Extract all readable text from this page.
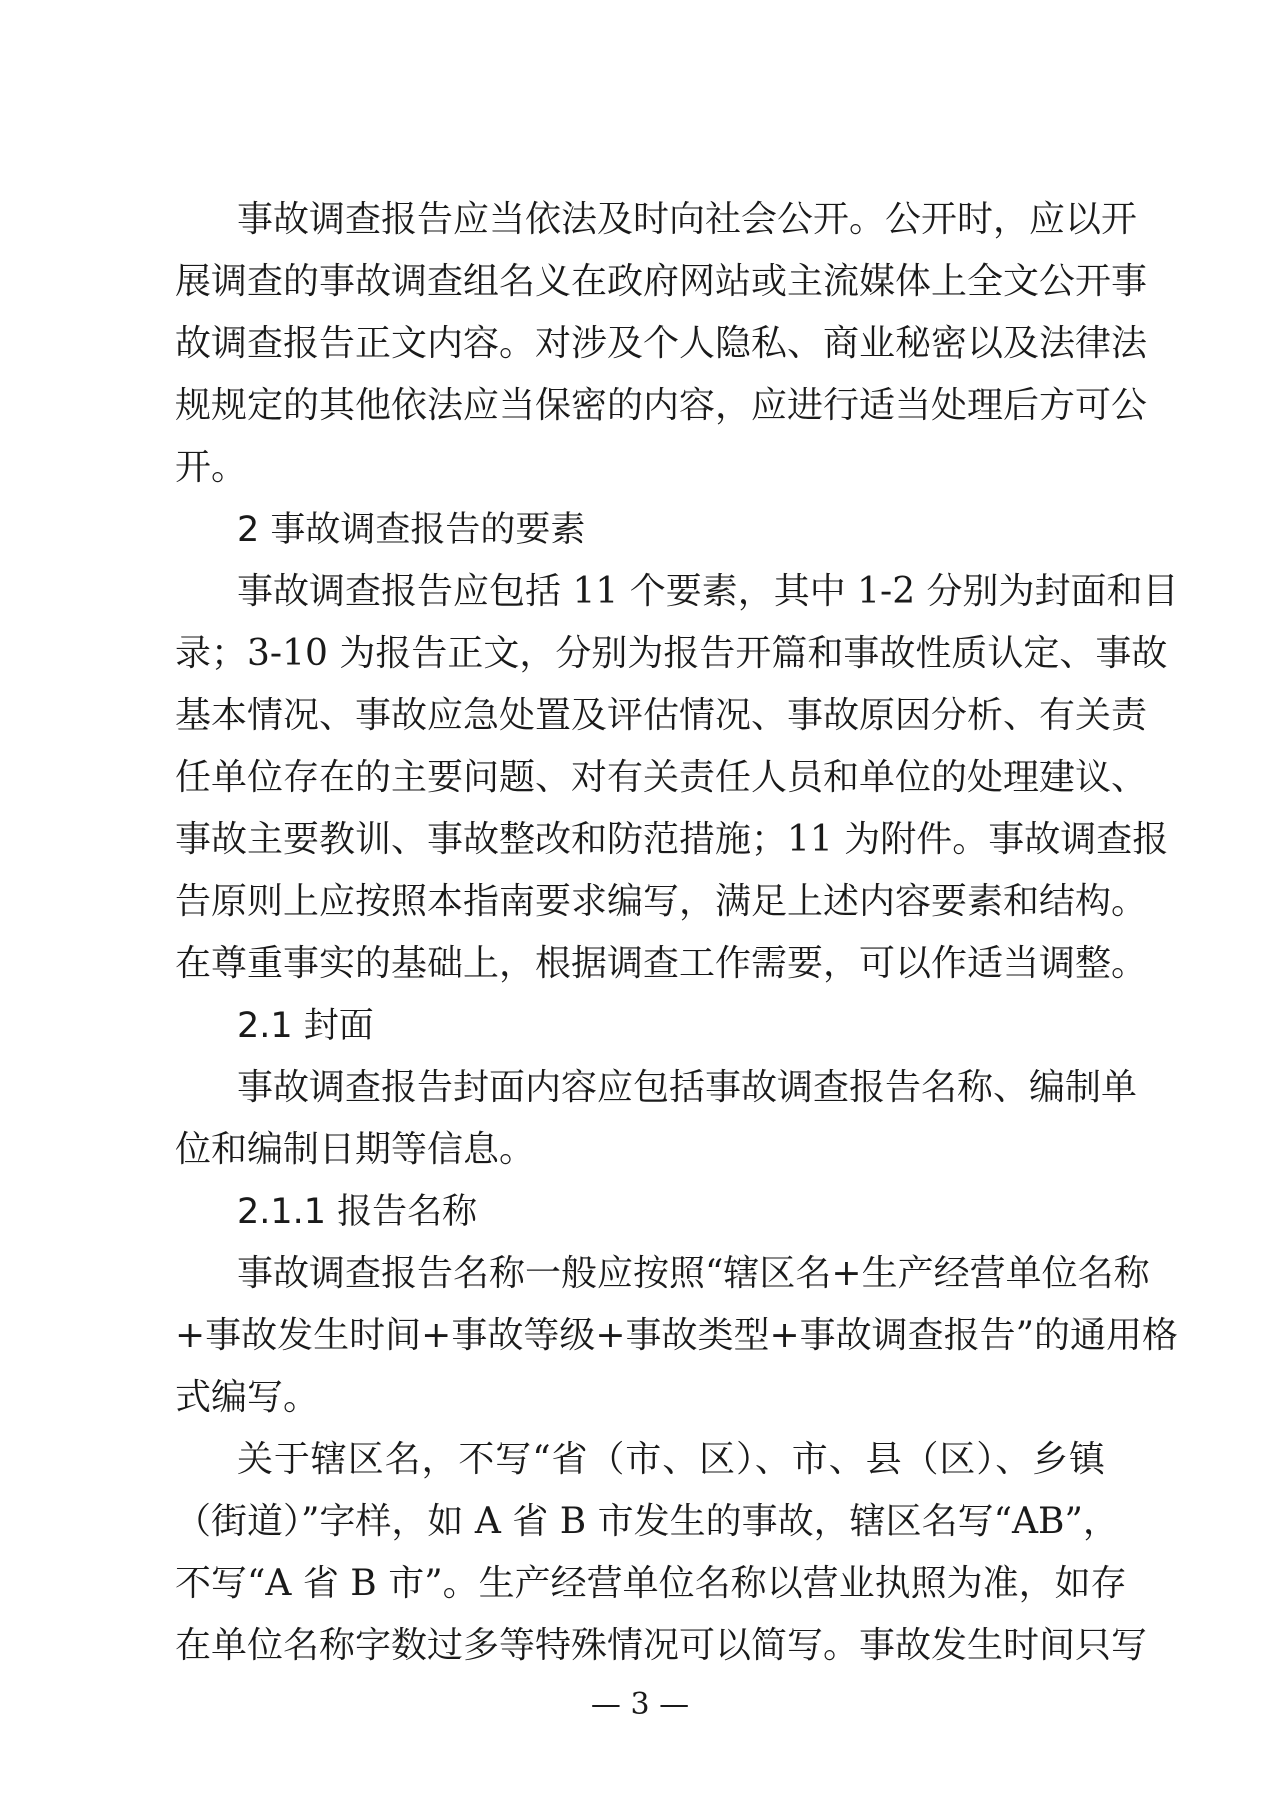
事故调查报告应当依法及时向社会公开。公开时，应以开
展调查的事故调查组名义在政府网站或主流媒体上全文公开事
故调查报告正文内容。对涉及个人隐私、商业秘密以及法律法
规规定的其他依法应当保密的内容，应进行适当处理后方可公
开。
2 事故调查报告的要素
事故调查报告应包括 11 个要素，其中 1-2 分别为封面和目
录；3-10 为报告正文，分别为报告开篇和事故性质认定、事故
基本情况、事故应急处置及评估情况、事故原因分析、有关责
任单位存在的主要问题、对有关责任人员和单位的处理建议、
事故主要教训、事故整改和防范措施；11 为附件。事故调查报
告原则上应按照本指南要求编写，满足上述内容要素和结构。
在尊重事实的基础上，根据调查工作需要，可以作适当调整。
2.1 封面
事故调查报告封面内容应包括事故调查报告名称、编制单
位和编制日期等信息。
2.1.1 报告名称
事故调查报告名称一般应按照“辖区名+生产经营单位名称
+事故发生时间+事故等级+事故类型+事故调查报告”的通用格
式编写。
关于辖区名，不写“省（市、区）、市、县（区）、乡镇
（街道）”字样，如 A 省 B 市发生的事故，辖区名写“AB”，
不写“A 省 B 市”。生产经营单位名称以营业执照为准，如存
在单位名称字数过多等特殊情况可以简写。事故发生时间只写
— 3 —
